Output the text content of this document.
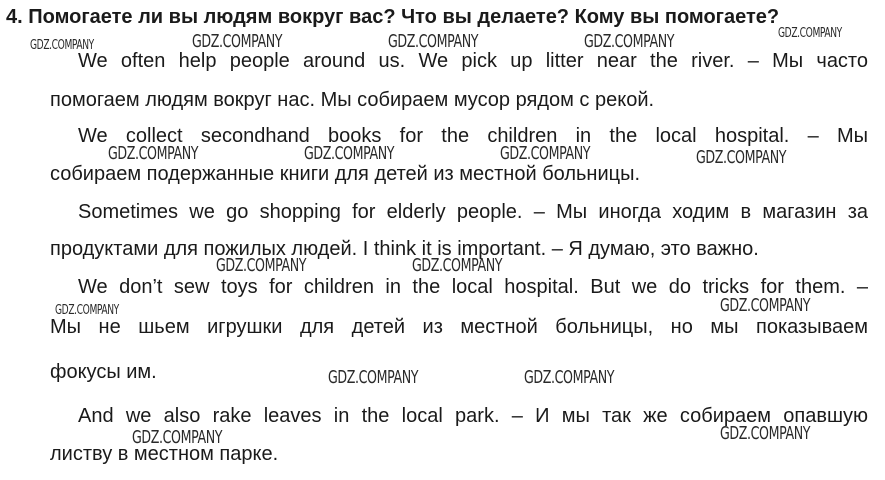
4. Помогаете ли вы людям вокруг вас? Что вы делаете? Кому вы помогаете?
We often help people around us. We pick up litter near the river. – Мы часто
помогаем людям вокруг нас. Мы собираем мусор рядом с рекой.
We collect secondhand books for the children in the local hospital. – Мы
собираем подержанные книги для детей из местной больницы.
Sometimes we go shopping for elderly people. – Мы иногда ходим в магазин за
продуктами для пожилых людей. I think it is important. – Я думаю, это важно.
We don’t sew toys for children in the local hospital. But we do tricks for them. –
Мы не шьем игрушки для детей из местной больницы, но мы показываем
фокусы им.
And we also rake leaves in the local park. – И мы так же собираем опавшую
листву в местном парке.
GDZ.COMPANY	GDZ.COMPANY	GDZ.COMPANY	GDZ.COMPANY	GDZ.COMPANY
GDZ.COMPANY	GDZ.COMPANY	GDZ.COMPANY	GDZ.COMPANY
GDZ.COMPANY	GDZ.COMPANY
GDZ.COMPANY	GDZ.COMPANY
GDZ.COMPANY	GDZ.COMPANY
GDZ.COMPANY	GDZ.COMPANY
